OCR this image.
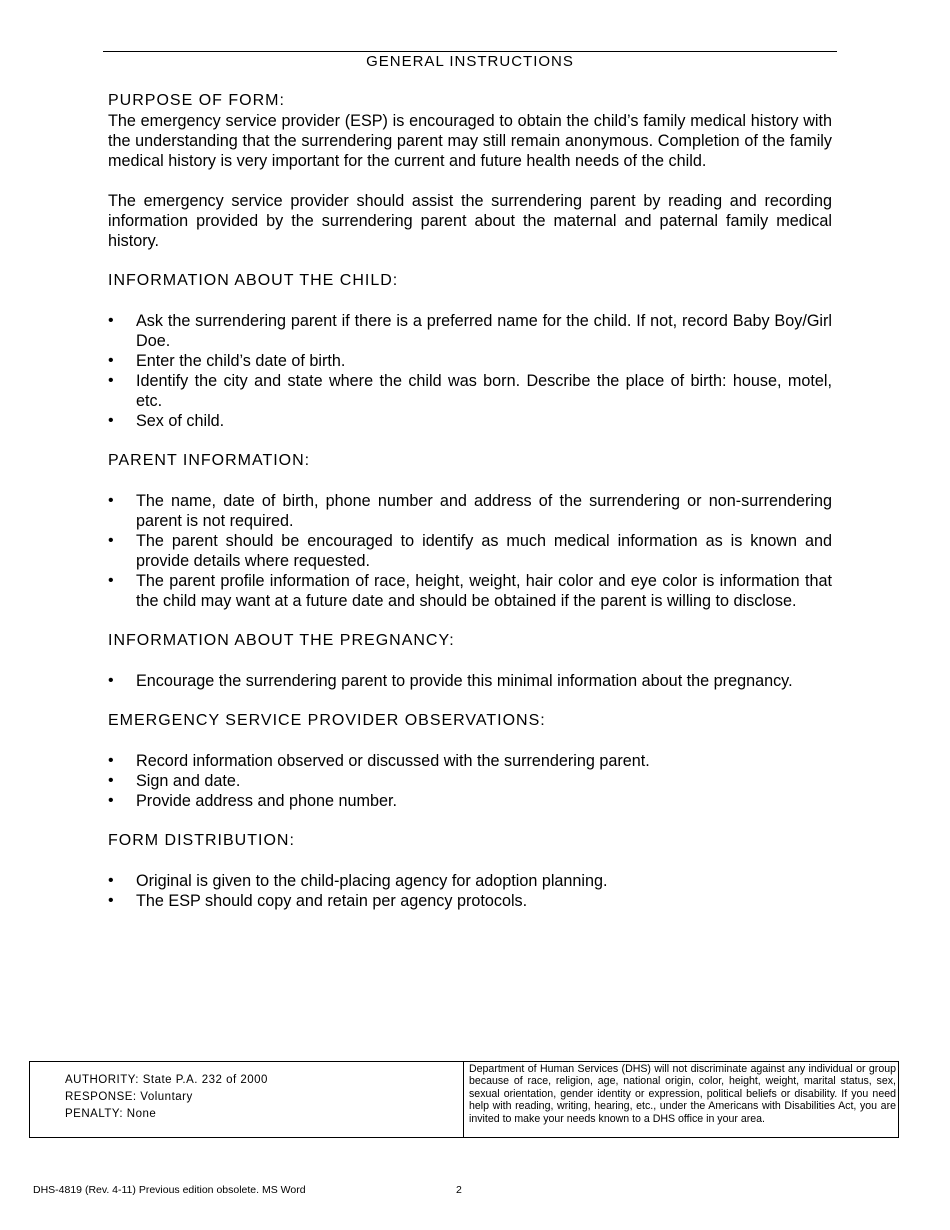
GENERAL INSTRUCTIONS

PURPOSE OF FORM:

The emergency service provider (ESP) is encouraged to obtain the child’s family medical history with the understanding that the surrendering parent may still remain anonymous. Completion of the family medical history is very important for the current and future health needs of the child.

The emergency service provider should assist the surrendering parent by reading and recording information provided by the surrendering parent about the maternal and paternal family medical history.

INFORMATION ABOUT THE CHILD:

•	Ask the surrendering parent if there is a preferred name for the child. If not, record Baby Boy/Girl Doe.
•	Enter the child’s date of birth.
•	Identify the city and state where the child was born. Describe the place of birth: house, motel, etc.
•	Sex of child.

PARENT INFORMATION:

•	The name, date of birth, phone number and address of the surrendering or non-surrendering parent is not required.
•	The parent should be encouraged to identify as much medical information as is known and provide details where requested.
•	The parent profile information of race, height, weight, hair color and eye color is information that the child may want at a future date and should be obtained if the parent is willing to disclose.

INFORMATION ABOUT THE PREGNANCY:

•	Encourage the surrendering parent to provide this minimal information about the pregnancy.

EMERGENCY SERVICE PROVIDER OBSERVATIONS:

•	Record information observed or discussed with the surrendering parent.
•	Sign and date.
•	Provide address and phone number.

FORM DISTRIBUTION:

•	Original is given to the child-placing agency for adoption planning.
•	The ESP should copy and retain per agency protocols.
AUTHORITY: State P.A. 232 of 2000
RESPONSE: Voluntary
PENALTY: None
Department of Human Services (DHS) will not discriminate against any individual or group because of race, religion, age, national origin, color, height, weight, marital status, sex, sexual orientation, gender identity or expression, political beliefs or disability. If you need help with reading, writing, hearing, etc., under the Americans with Disabilities Act, you are invited to make your needs known to a DHS office in your area.
DHS-4819 (Rev. 4-11) Previous edition obsolete. MS Word	2
